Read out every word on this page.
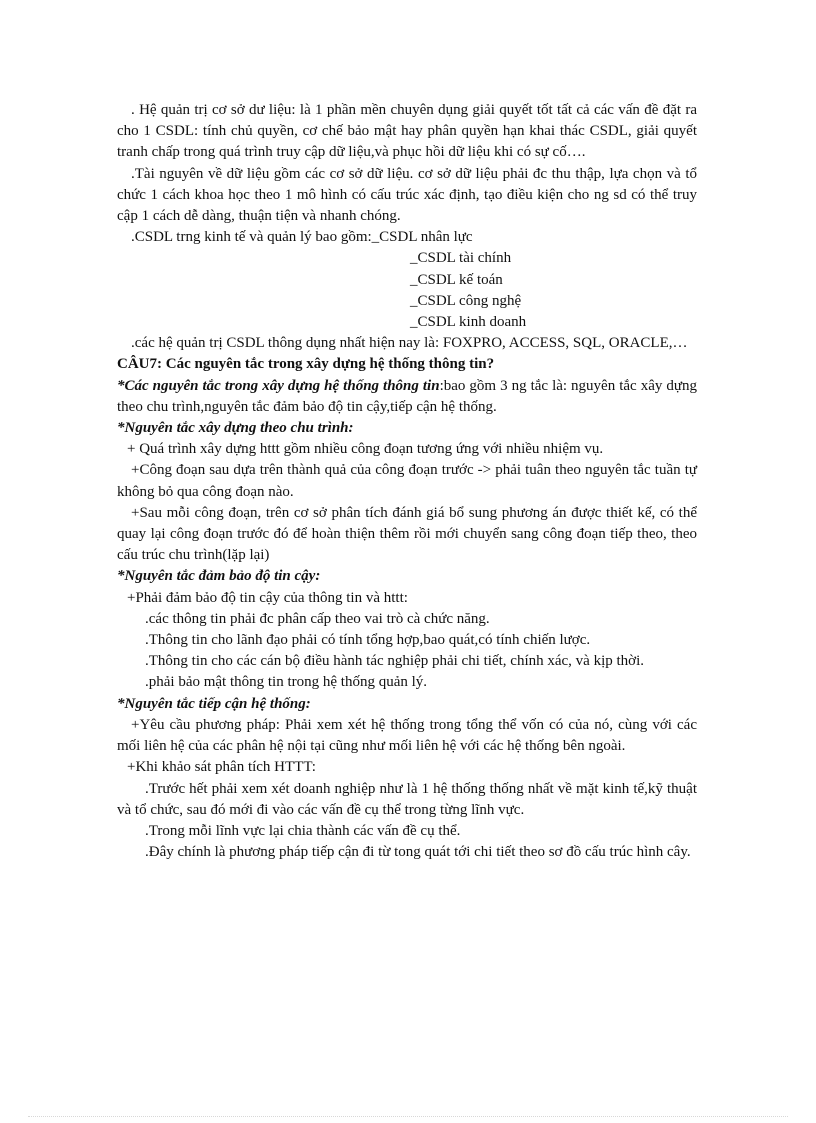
. Hệ quản trị cơ sở dư liệu: là 1 phần mền chuyên dụng giải quyết tốt tất cả các vấn đề đặt ra cho 1 CSDL: tính chủ quyền, cơ chế bảo mật hay phân quyền hạn khai thác CSDL, giải quyết tranh chấp trong quá trình truy cập dữ liệu,và phục hồi dữ liệu khi có sự cố….

.Tài nguyên về dữ liệu gồm các cơ sở dữ liệu. cơ sở dữ liệu phải đc thu thập, lựa chọn và tổ chức 1 cách khoa học theo 1 mô hình có cấu trúc xác định, tạo điều kiện cho ng sd có thể truy cập 1 cách dễ dàng, thuận tiện và nhanh chóng.

.CSDL trng kinh tế và quản lý bao gồm:_CSDL nhân lực

_CSDL tài chính

_CSDL kế toán

_CSDL công nghệ

_CSDL kinh doanh

.các hệ quản trị CSDL thông dụng nhất hiện nay là: FOXPRO, ACCESS, SQL, ORACLE,…

CÂU7: Các nguyên tắc trong xây dựng hệ thống thông tin?

*Các nguyên tắc trong xây dựng hệ thống thông tin:bao gồm 3 ng tắc là: nguyên tắc xây dựng theo chu trình,nguyên tắc đảm bảo độ tin cậy,tiếp cận hệ thống.

*Nguyên tắc xây dựng theo chu trình:

+ Quá trình xây dựng httt gồm nhiều công đoạn tương ứng với nhiều nhiệm vụ.

+Công đoạn sau dựa trên thành quả của công đoạn trước -> phải tuân theo nguyên tắc tuần tự không bỏ qua công đoạn nào.

+Sau mỗi công đoạn, trên cơ sở phân tích đánh giá bổ sung phương án được thiết kế, có thể quay lại công đoạn trước đó để hoàn thiện thêm rồi mới chuyển sang công đoạn tiếp theo, theo cấu trúc chu trình(lặp lại)

*Nguyên tắc đảm bảo độ tin cậy:

+Phải đảm bảo độ tin cậy của thông tin và httt:

.các thông tin phải đc phân cấp theo vai trò cà chức năng.

.Thông tin cho lãnh đạo phải có tính tổng hợp,bao quát,có tính chiến lược.

.Thông tin cho các cán bộ điều hành tác nghiệp phải chi tiết, chính xác, và kịp thời.

.phải bảo mật thông tin trong hệ thống quản lý.

*Nguyên tắc tiếp cận hệ thống:

+Yêu cầu phương pháp: Phải xem xét hệ thống trong tổng thể vốn có của nó, cùng với các mối liên hệ của các phân hệ nội tại cũng như mối liên hệ với các hệ thống bên ngoài.

+Khi khảo sát phân tích HTTT:

.Trước hết phải xem xét doanh nghiệp như là 1 hệ thống thống nhất về mặt kinh tế,kỹ thuật và tổ chức, sau đó mới đi vào các vấn đề cụ thể trong từng lĩnh vực.

.Trong mỗi lĩnh vực lại chia thành các vấn đề cụ thể.

.Đây chính là phương pháp tiếp cận đi từ tong quát tới chi tiết theo sơ đồ cấu trúc hình cây.
